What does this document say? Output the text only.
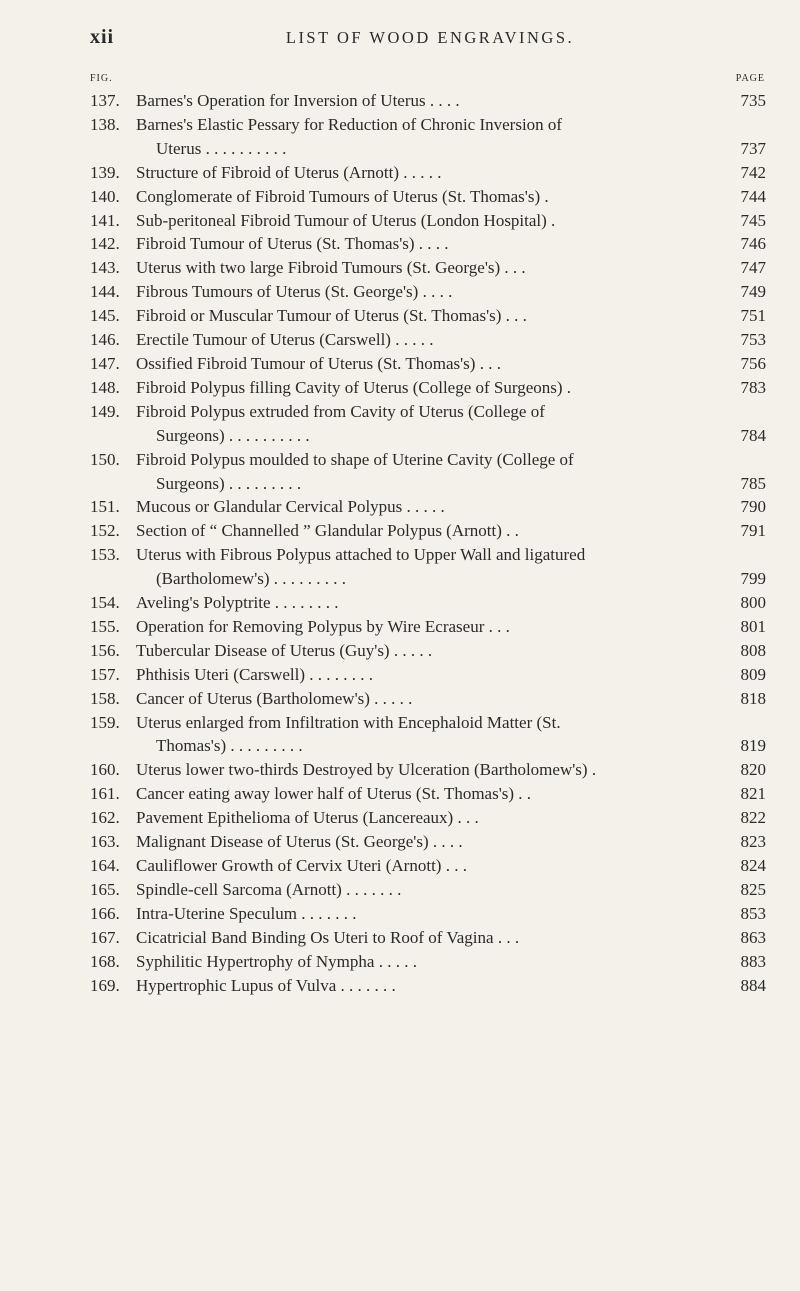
xii	LIST OF WOOD ENGRAVINGS.
FIG.	PAGE
137. Barnes's Operation for Inversion of Uterus . . . .	735
138. Barnes's Elastic Pessary for Reduction of Chronic Inversion of
Uterus . . . . . . . . . .	737
139. Structure of Fibroid of Uterus (Arnott) . . . . .	742
140. Conglomerate of Fibroid Tumours of Uterus (St. Thomas's) .	744
141. Sub-peritoneal Fibroid Tumour of Uterus (London Hospital) .	745
142. Fibroid Tumour of Uterus (St. Thomas's) . . . .	746
143. Uterus with two large Fibroid Tumours (St. George's) . . .	747
144. Fibrous Tumours of Uterus (St. George's) . . . .	749
145. Fibroid or Muscular Tumour of Uterus (St. Thomas's) . . .	751
146. Erectile Tumour of Uterus (Carswell) . . . . .	753
147. Ossified Fibroid Tumour of Uterus (St. Thomas's) . . .	756
148. Fibroid Polypus filling Cavity of Uterus (College of Surgeons) .	783
149. Fibroid Polypus extruded from Cavity of Uterus (College of
Surgeons) . . . . . . . . . .	784
150. Fibroid Polypus moulded to shape of Uterine Cavity (College of
Surgeons) . . . . . . . . .	785
151. Mucous or Glandular Cervical Polypus . . . . .	790
152. Section of “ Channelled ” Glandular Polypus (Arnott) . .	791
153. Uterus with Fibrous Polypus attached to Upper Wall and ligatured
(Bartholomew's) . . . . . . . . .	799
154. Aveling's Polyptrite . . . . . . . .	800
155. Operation for Removing Polypus by Wire Ecraseur . . .	801
156. Tubercular Disease of Uterus (Guy's) . . . . .	808
157. Phthisis Uteri (Carswell) . . . . . . . .	809
158. Cancer of Uterus (Bartholomew's) . . . . .	818
159. Uterus enlarged from Infiltration with Encephaloid Matter (St.
Thomas's) . . . . . . . . .	819
160. Uterus lower two-thirds Destroyed by Ulceration (Bartholomew's) .	820
161. Cancer eating away lower half of Uterus (St. Thomas's) . .	821
162. Pavement Epithelioma of Uterus (Lancereaux) . . .	822
163. Malignant Disease of Uterus (St. George's) . . . .	823
164. Cauliflower Growth of Cervix Uteri (Arnott) . . .	824
165. Spindle-cell Sarcoma (Arnott) . . . . . . .	825
166. Intra-Uterine Speculum . . . . . . .	853
167. Cicatricial Band Binding Os Uteri to Roof of Vagina . . .	863
168. Syphilitic Hypertrophy of Nympha . . . . .	883
169. Hypertrophic Lupus of Vulva . . . . . . .	884
